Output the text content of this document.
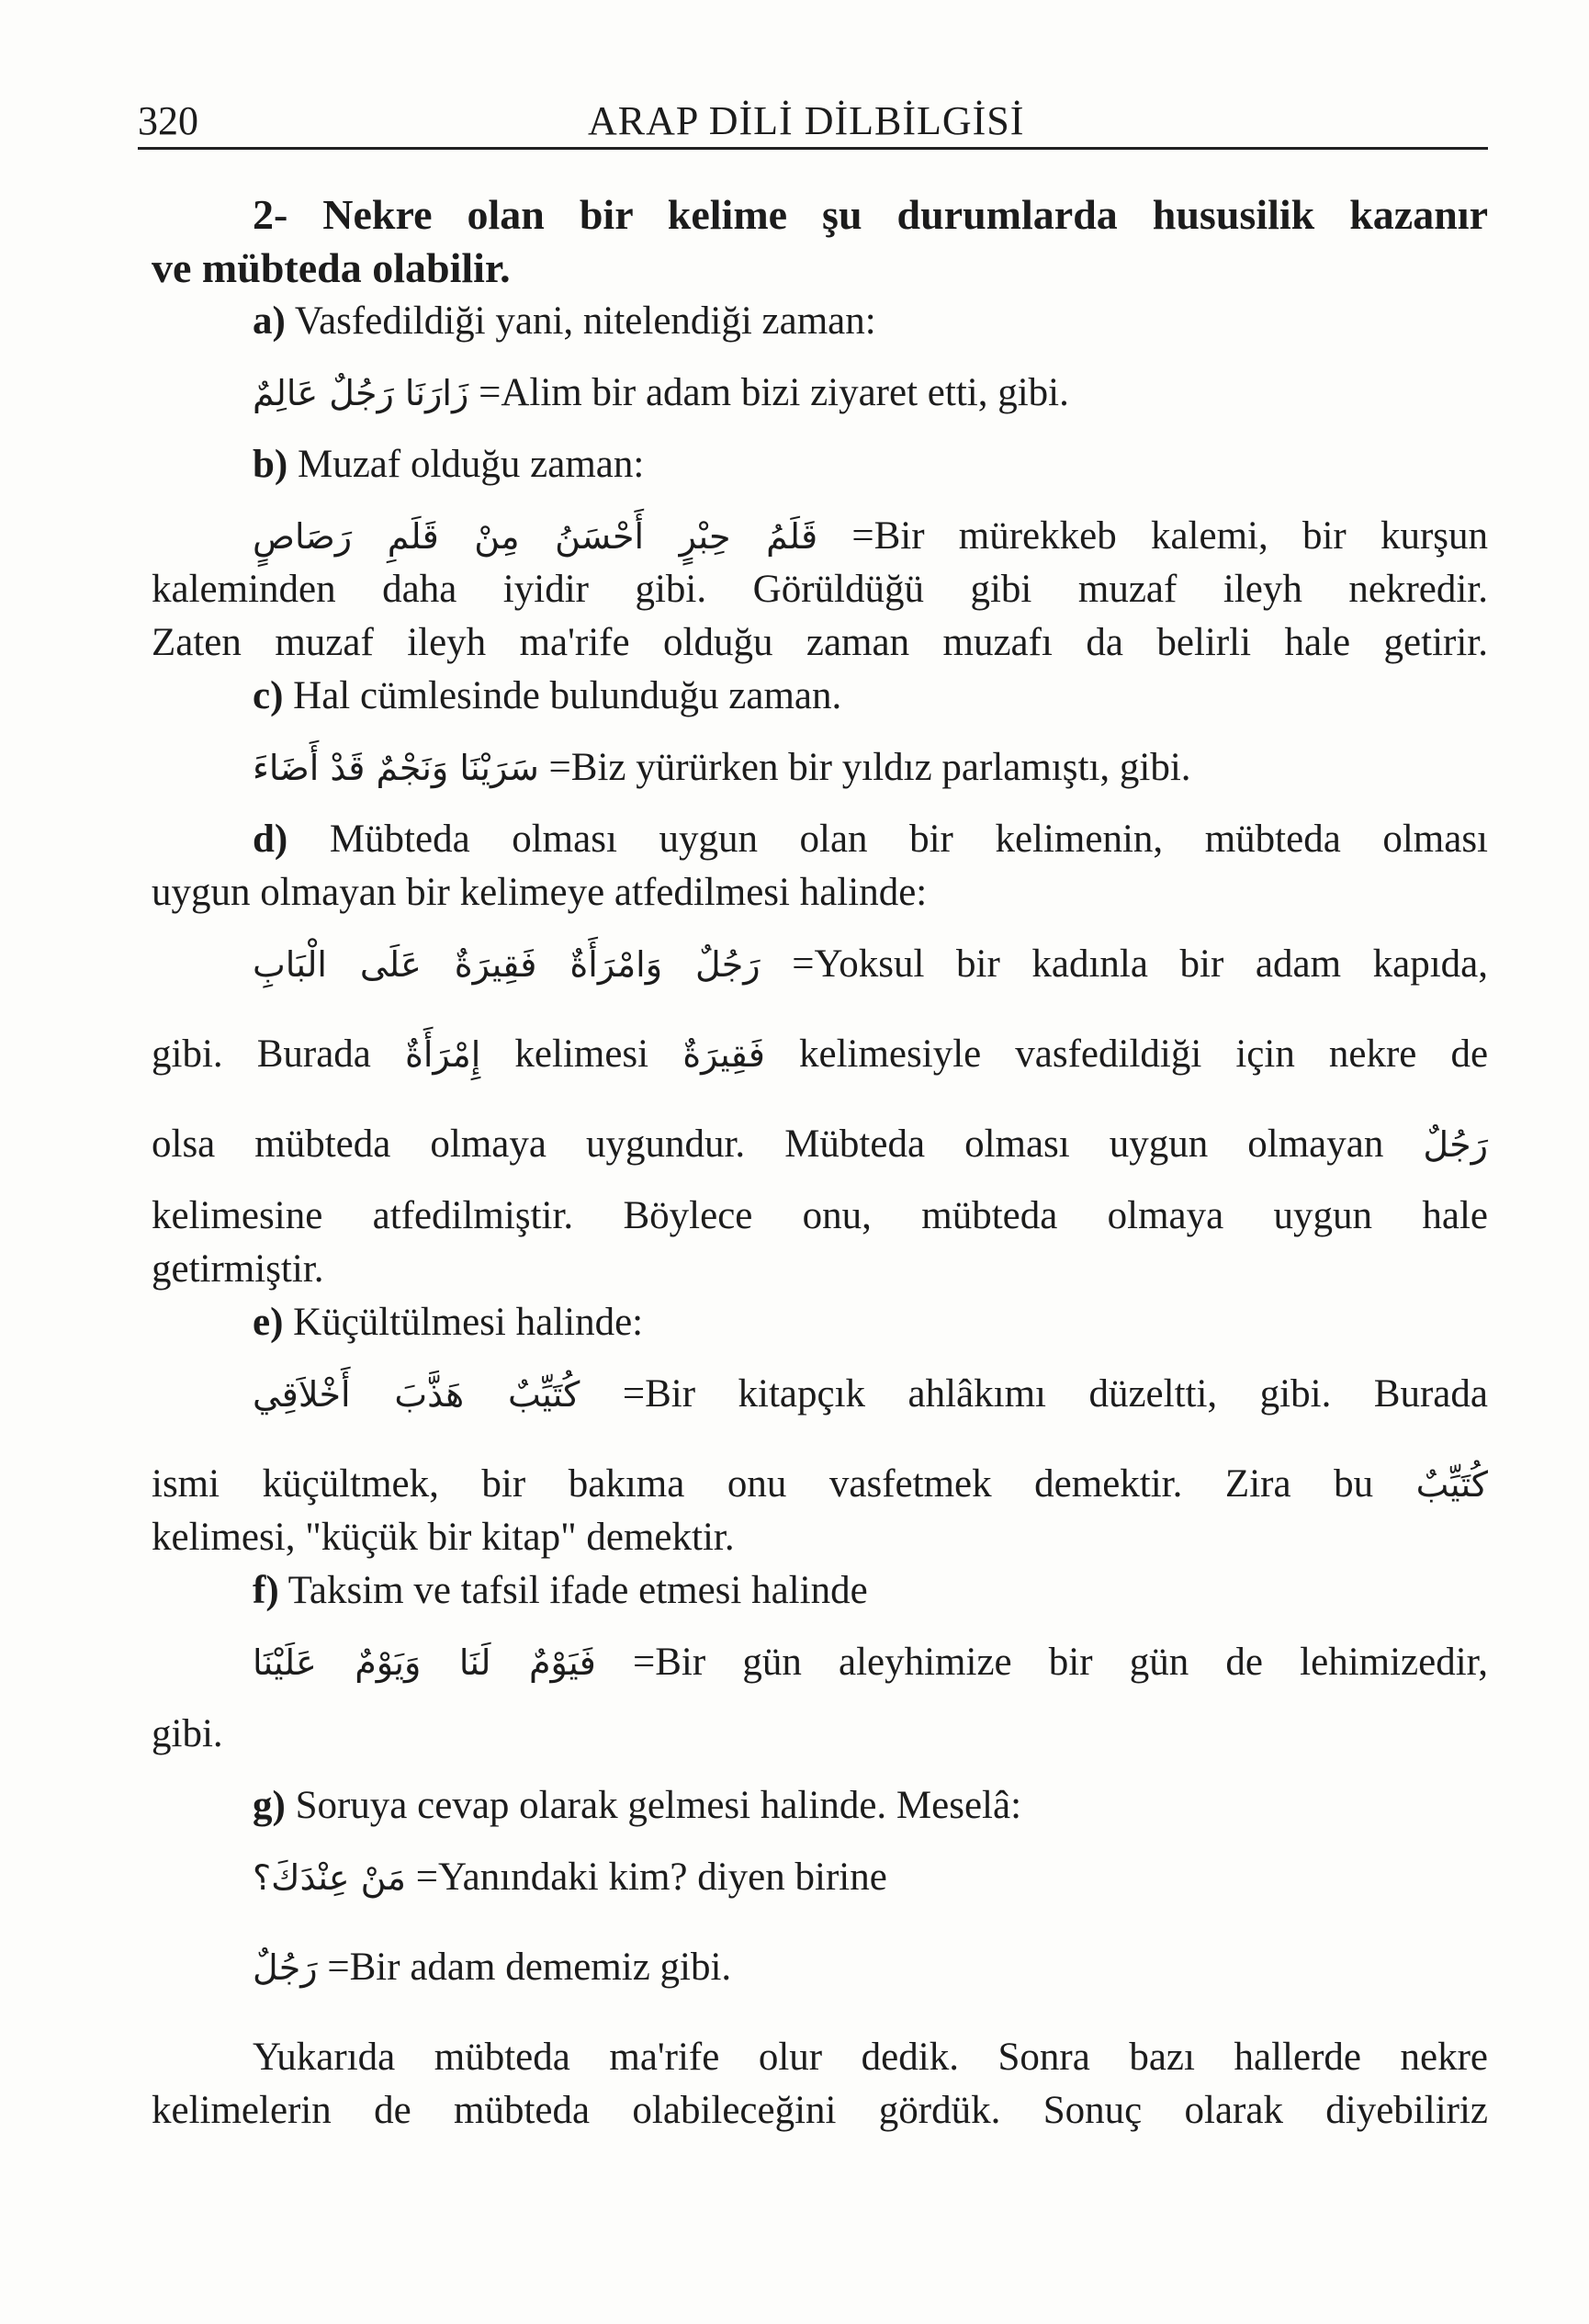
320	ARAP DİLİ DİLBİLGİSİ
2- Nekre olan bir kelime şu durumlarda hususilik kazanır
ve mübteda olabilir.
a) Vasfedildiği yani, nitelendiği zaman:
زَارَنَا رَجُلٌ عَالِمٌ =Alim bir adam bizi ziyaret etti, gibi.
b) Muzaf olduğu zaman:
قَلَمُ حِبْرٍ أَحْسَنُ مِنْ قَلَمِ رَصَاصٍ =Bir mürekkeb kalemi, bir kurşun
kaleminden daha iyidir gibi. Görüldüğü gibi muzaf ileyh nekredir.
Zaten muzaf ileyh ma'rife olduğu zaman muzafı da belirli hale getirir.
c) Hal cümlesinde bulunduğu zaman.
سَرَيْنَا وَنَجْمٌ قَدْ أَضَاءَ =Biz yürürken bir yıldız parlamıştı, gibi.
d) Mübteda olması uygun olan bir kelimenin, mübteda olması
uygun olmayan bir kelimeye atfedilmesi halinde:
رَجُلٌ وَامْرَأَةٌ فَقِيرَةٌ عَلَى الْبَابِ =Yoksul bir kadınla bir adam kapıda,
gibi. Burada إِمْرَأَةٌ kelimesi فَقِيرَةٌ kelimesiyle vasfedildiği için nekre de
olsa mübteda olmaya uygundur. Mübteda olması uygun olmayan رَجُلٌ
kelimesine atfedilmiştir. Böylece onu, mübteda olmaya uygun hale
getirmiştir.
e) Küçültülmesi halinde:
كُتَيِّبٌ هَذَّبَ أَخْلاَقِي =Bir kitapçık ahlâkımı düzeltti, gibi. Burada
ismi küçültmek, bir bakıma onu vasfetmek demektir. Zira bu كُتَيِّبٌ
kelimesi, "küçük bir kitap" demektir.
f) Taksim ve tafsil ifade etmesi halinde
فَيَوْمٌ لَنَا وَيَوْمٌ عَلَيْنَا =Bir gün aleyhimize bir gün de lehimizedir,
gibi.
g) Soruya cevap olarak gelmesi halinde. Meselâ:
مَنْ عِنْدَكَ؟ =Yanındaki kim? diyen birine
رَجُلٌ =Bir adam dememiz gibi.
Yukarıda mübteda ma'rife olur dedik. Sonra bazı hallerde nekre
kelimelerin de mübteda olabileceğini gördük. Sonuç olarak diyebiliriz
